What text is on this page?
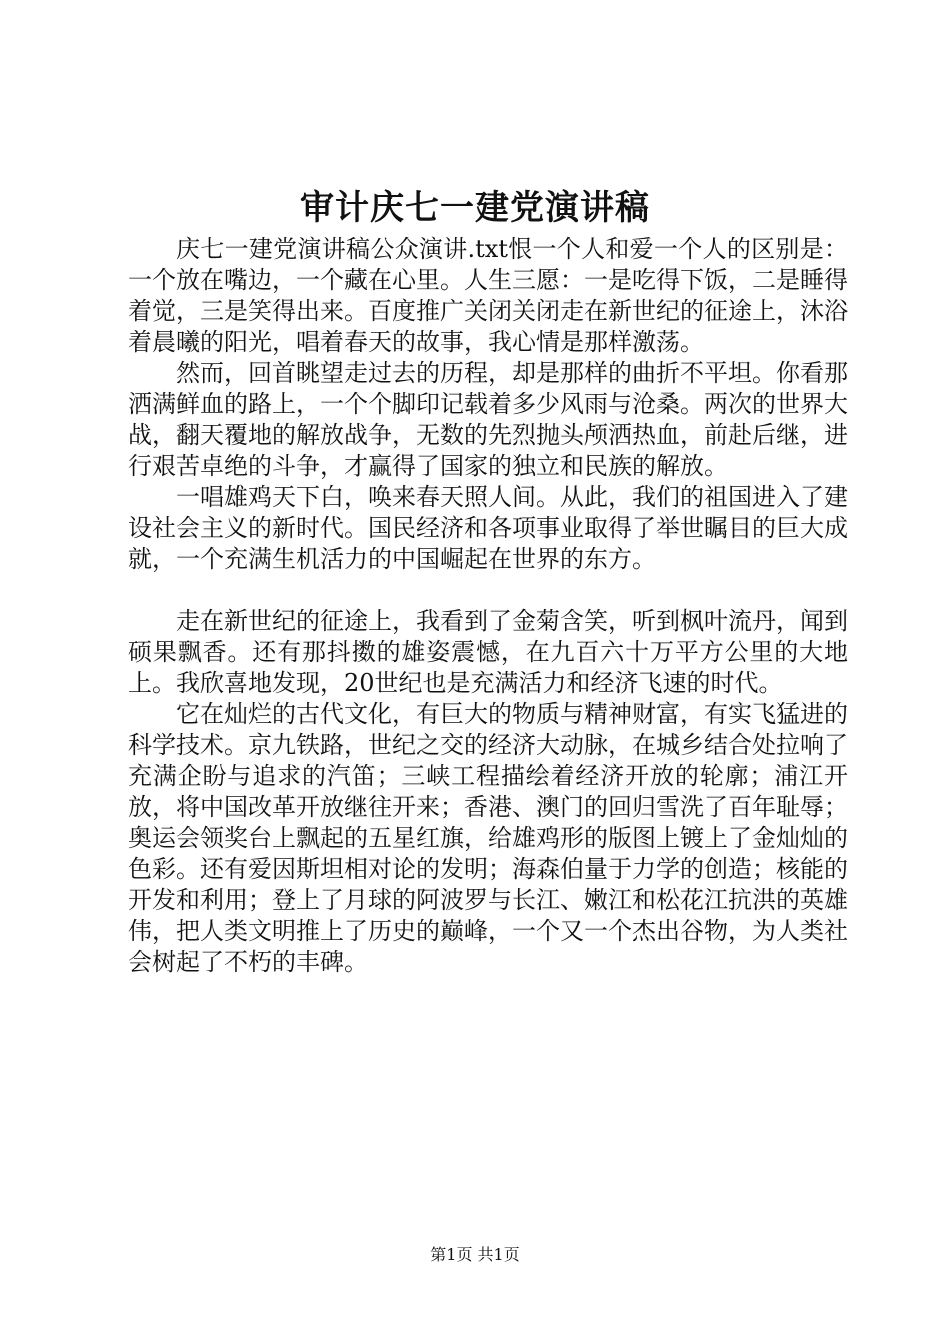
审计庆七一建党演讲稿

庆七一建党演讲稿公众演讲.txt恨一个人和爱一个人的区别是：一个放在嘴边，一个藏在心里。人生三愿：一是吃得下饭，二是睡得着觉，三是笑得出来。百度推广关闭关闭走在新世纪的征途上，沐浴着晨曦的阳光，唱着春天的故事，我心情是那样激荡。

然而，回首眺望走过去的历程，却是那样的曲折不平坦。你看那洒满鲜血的路上，一个个脚印记载着多少风雨与沧桑。两次的世界大战，翻天覆地的解放战争，无数的先烈抛头颅洒热血，前赴后继，进行艰苦卓绝的斗争，才赢得了国家的独立和民族的解放。

一唱雄鸡天下白，唤来春天照人间。从此，我们的祖国进入了建设社会主义的新时代。国民经济和各项事业取得了举世瞩目的巨大成就，一个充满生机活力的中国崛起在世界的东方。

走在新世纪的征途上，我看到了金菊含笑，听到枫叶流丹，闻到硕果飘香。还有那抖擞的雄姿震憾，在九百六十万平方公里的大地上。我欣喜地发现，20世纪也是充满活力和经济飞速的时代。

它在灿烂的古代文化，有巨大的物质与精神财富，有实飞猛进的科学技术。京九铁路，世纪之交的经济大动脉，在城乡结合处拉响了充满企盼与追求的汽笛；三峡工程描绘着经济开放的轮廓；浦江开放，将中国改革开放继往开来；香港、澳门的回归雪洗了百年耻辱；奥运会领奖台上飘起的五星红旗，给雄鸡形的版图上镀上了金灿灿的色彩。还有爱因斯坦相对论的发明；海森伯量于力学的创造；核能的开发和利用；登上了月球的阿波罗与长江、嫩江和松花江抗洪的英雄伟，把人类文明推上了历史的巅峰，一个又一个杰出谷物，为人类社会树起了不朽的丰碑。

第1页 共1页
